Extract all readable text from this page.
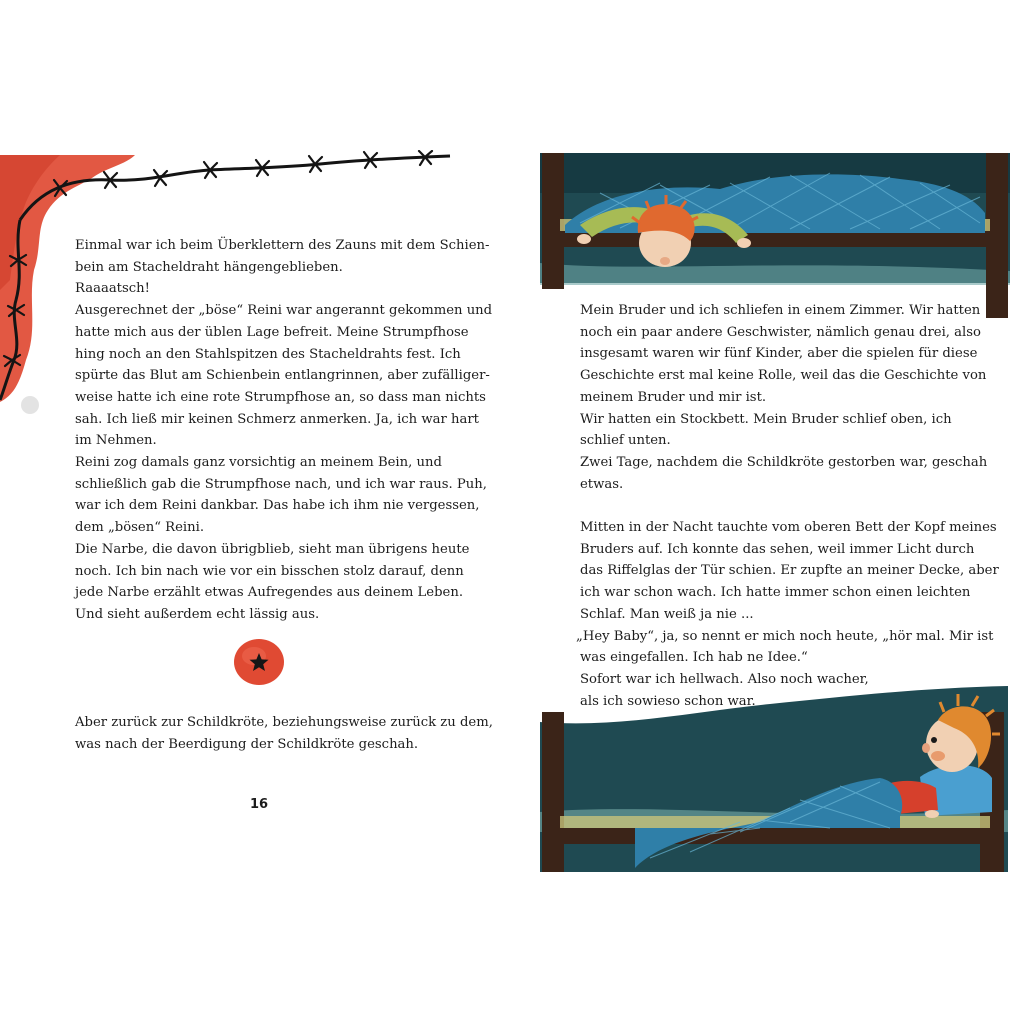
Einmal war ich beim Überklettern des Zauns mit dem Schien-

bein am Stacheldraht hängengeblieben.

Raaaatsch!

Ausgerechnet der „böse“ Reini war angerannt gekommen und

hatte mich aus der üblen Lage befreit. Meine Strumpfhose

hing noch an den Stahlspitzen des Stacheldrahts fest. Ich

spürte das Blut am Schienbein entlangrinnen, aber zufälliger-

weise hatte ich eine rote Strumpfhose an, so dass man nichts

sah. Ich ließ mir keinen Schmerz anmerken. Ja, ich war hart

im Nehmen.

Reini zog damals ganz vorsichtig an meinem Bein, und

schließlich gab die Strumpfhose nach, und ich war raus. Puh,

war ich dem Reini dankbar. Das habe ich ihm nie vergessen,

dem „bösen“ Reini.

Die Narbe, die davon übrigblieb, sieht man übrigens heute

noch. Ich bin nach wie vor ein bisschen stolz darauf, denn

jede Narbe erzählt etwas Aufregendes aus deinem Leben.

Und sieht außerdem echt lässig aus.

Aber zurück zur Schildkröte, beziehungsweise zurück zu dem,

was nach der Beerdigung der Schildkröte geschah.

16

Mein Bruder und ich schliefen in einem Zimmer. Wir hatten

noch ein paar andere Geschwister, nämlich genau drei, also

insgesamt waren wir fünf Kinder, aber die spielen für diese

Geschichte erst mal keine Rolle, weil das die Geschichte von

meinem Bruder und mir ist.

Wir hatten ein Stockbett. Mein Bruder schlief oben, ich

schlief unten.

Zwei Tage, nachdem die Schildkröte gestorben war, geschah

etwas.

Mitten in der Nacht tauchte vom oberen Bett der Kopf meines

Bruders auf. Ich konnte das sehen, weil immer Licht durch

das Riffelglas der Tür schien. Er zupfte an meiner Decke, aber

ich war schon wach. Ich hatte immer schon einen leichten

Schlaf. Man weiß ja nie ...

„Hey Baby“, ja, so nennt er mich noch heute, „hör mal. Mir ist

was eingefallen. Ich hab ne Idee.“

Sofort war ich hellwach. Also noch wacher,

als ich sowieso schon war.
